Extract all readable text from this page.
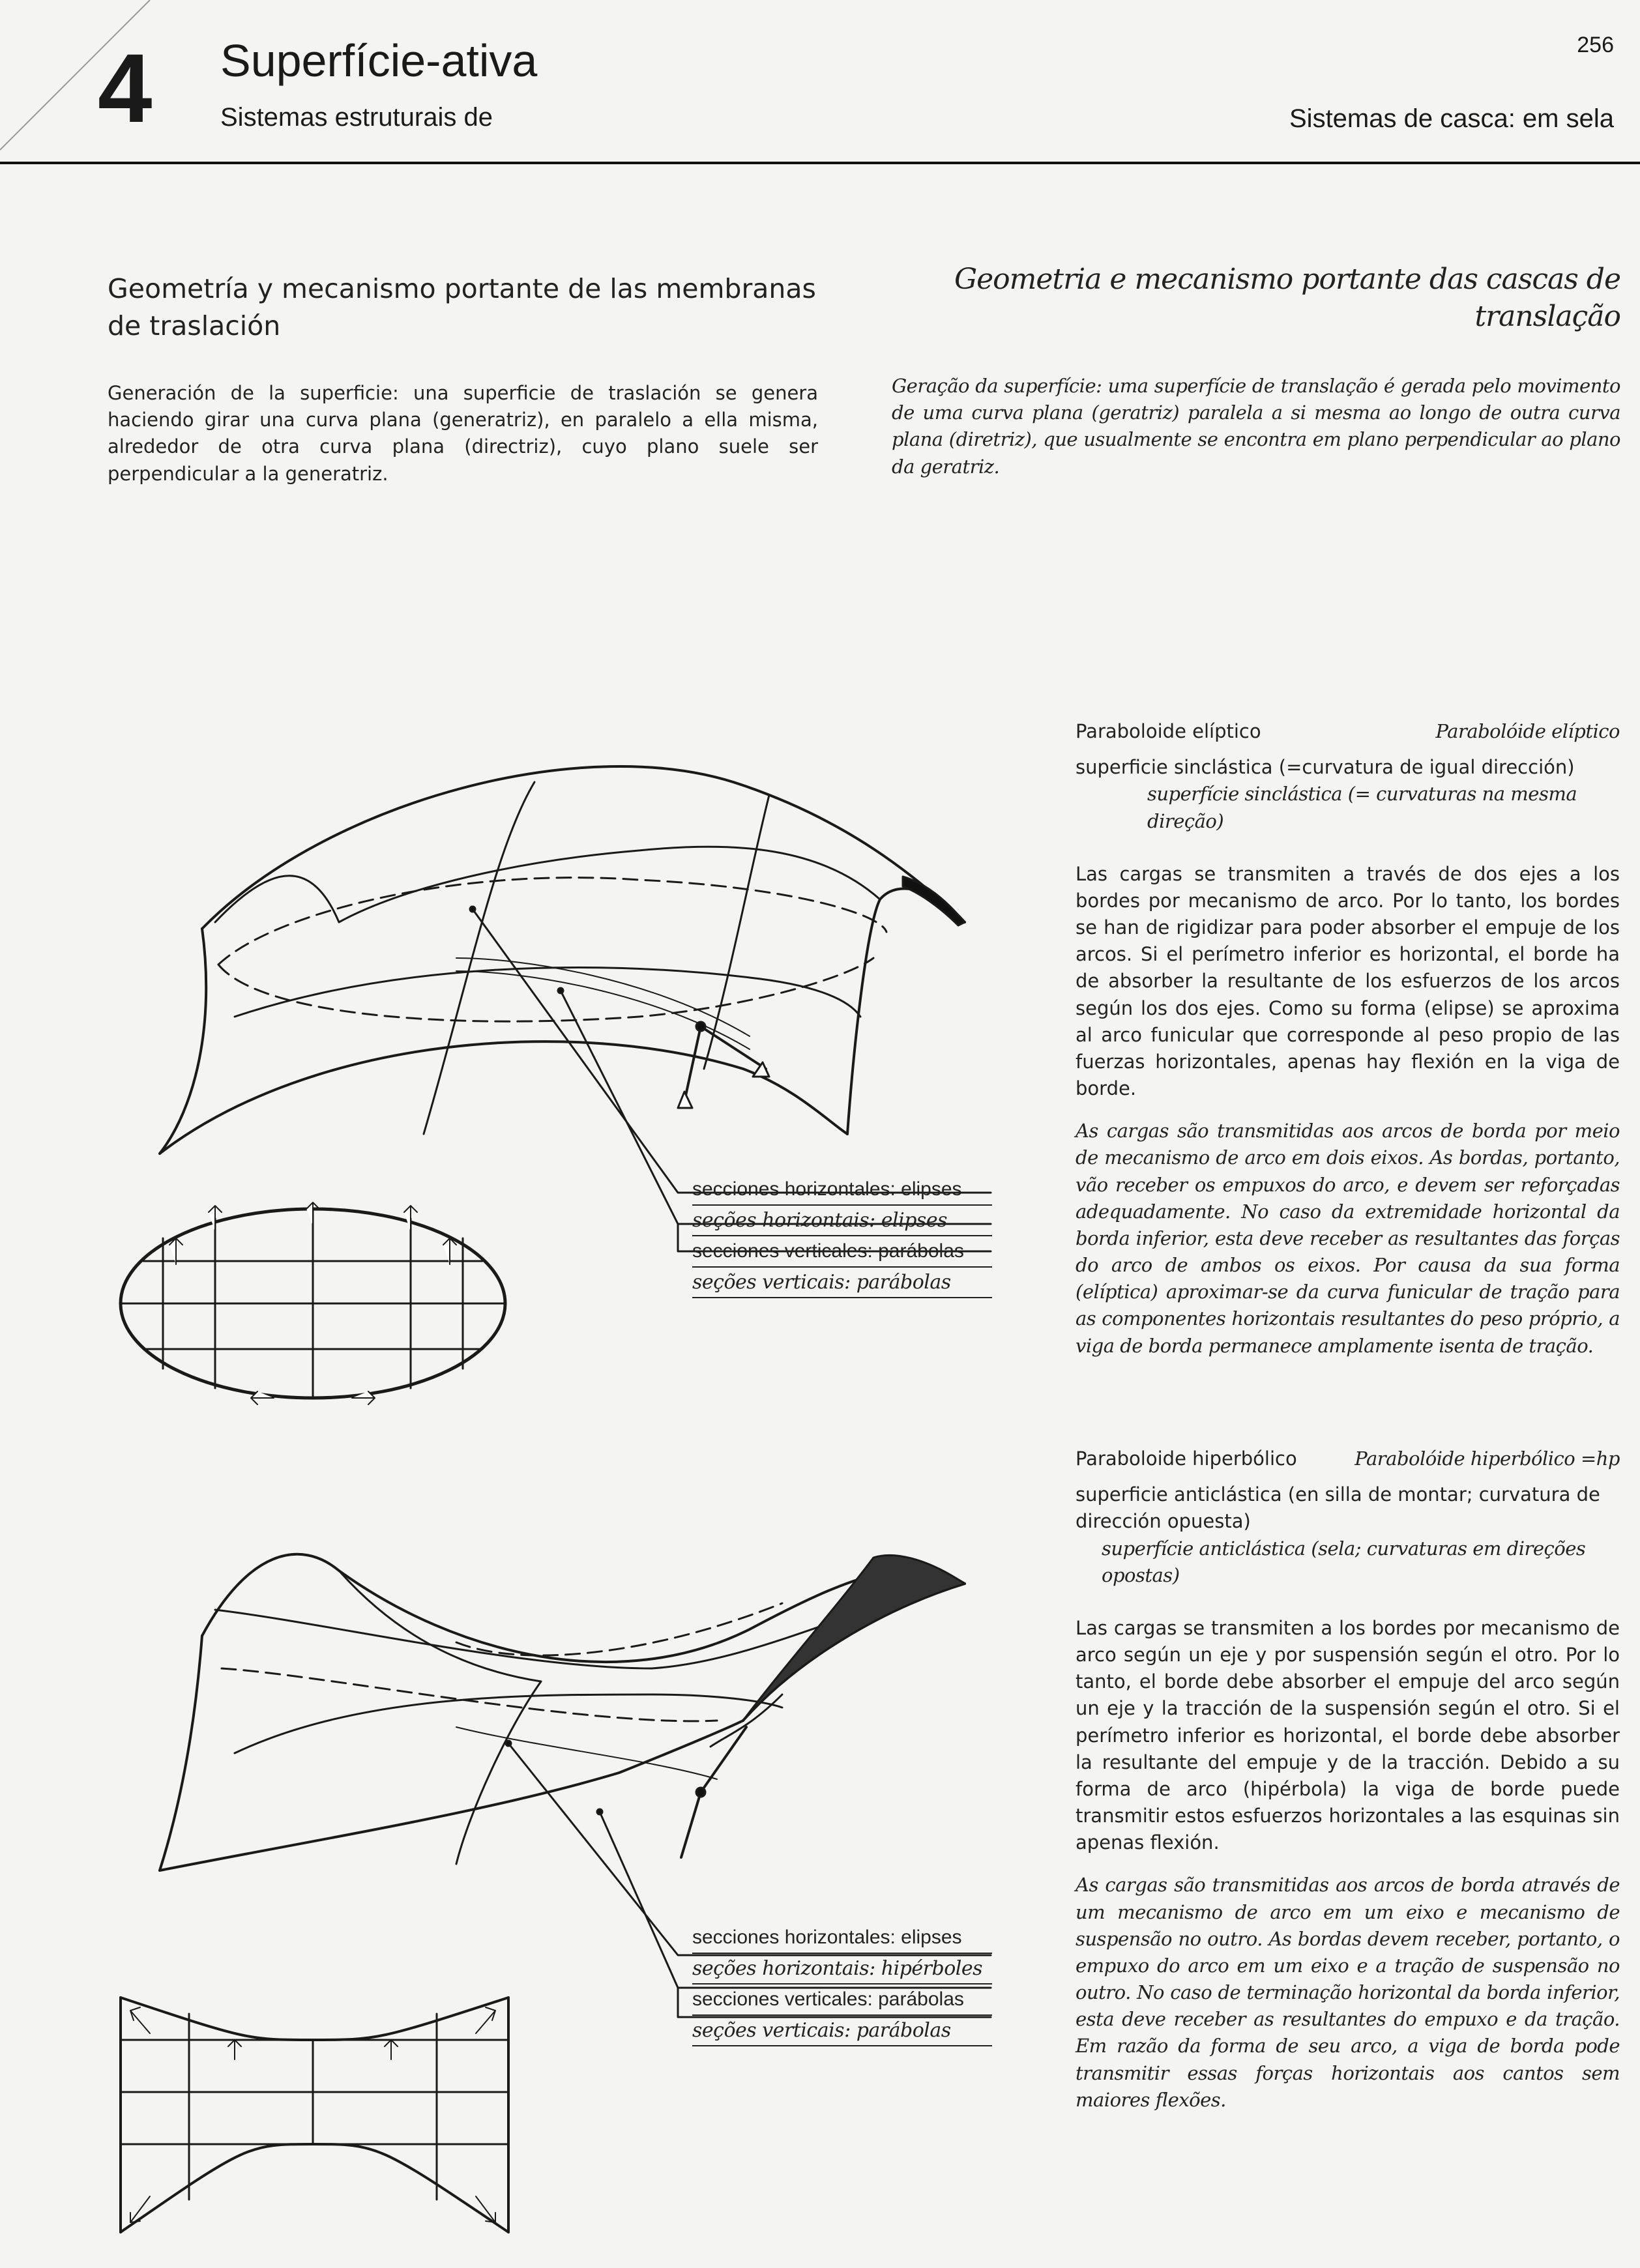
4 Superfície-ativa
Sistemas estruturais de
256
Sistemas de casca: em sela
Geometría y mecanismo portante de las membranas de traslación
Geometria e mecanismo portante das cascas de translação
Generación de la superficie: una superficie de traslación se genera haciendo girar una curva plana (generatriz), en paralelo a ella misma, alrededor de otra curva plana (directriz), cuyo plano suele ser perpendicular a la generatriz.
Geração da superfície: uma superfície de translação é gerada pelo movimento de uma curva plana (geratriz) paralela a si mesma ao longo de outra curva plana (diretriz), que usualmente se encontra em plano perpendicular ao plano da geratriz.
Paraboloide elíptico	Parabolóide elíptico
superficie sinclástica (=curvatura de igual dirección)
superfície sinclástica (= curvaturas na mesma direção)

Las cargas se transmiten a través de dos ejes a los bordes por mecanismo de arco. Por lo tanto, los bordes se han de rigidizar para poder absorber el empuje de los arcos. Si el perímetro inferior es horizontal, el borde ha de absorber la resultante de los esfuerzos de los arcos según los dos ejes. Como su forma (elipse) se aproxima al arco funicular que corresponde al peso propio de las fuerzas horizontales, apenas hay flexión en la viga de borde.

As cargas são transmitidas aos arcos de borda por meio de mecanismo de arco em dois eixos. As bordas, portanto, vão receber os empuxos do arco, e devem ser reforçadas adequadamente. No caso da extremidade horizontal da borda inferior, esta deve receber as resultantes das forças do arco de ambos os eixos. Por causa da sua forma (elíptica) aproximar-se da curva funicular de tração para as componentes horizontais resultantes do peso próprio, a viga de borda permanece amplamente isenta de tração.

Paraboloide hiperbólico	Parabolóide hiperbólico =hp
superficie anticlástica (en silla de montar; curvatura de dirección opuesta)
superfície anticlástica (sela; curvaturas em direções opostas)

Las cargas se transmiten a los bordes por mecanismo de arco según un eje y por suspensión según el otro. Por lo tanto, el borde debe absorber el empuje del arco según un eje y la tracción de la suspensión según el otro. Si el perímetro inferior es horizontal, el borde debe absorber la resultante del empuje y de la tracción. Debido a su forma de arco (hipérbola) la viga de borde puede transmitir estos esfuerzos horizontales a las esquinas sin apenas flexión.

As cargas são transmitidas aos arcos de borda através de um mecanismo de arco em um eixo e mecanismo de suspensão no outro. As bordas devem receber, portanto, o empuxo do arco em um eixo e a tração de suspensão no outro. No caso de terminação horizontal da borda inferior, esta deve receber as resultantes do empuxo e da tração. Em razão da forma de seu arco, a viga de borda pode transmitir essas forças horizontais aos cantos sem maiores flexões.

secciones horizontales: elipses
seções horizontais: elipses
secciones verticales: parábolas
seções verticais: parábolas
secciones horizontales: elipses
seções horizontais: hipérboles
secciones verticales: parábolas
seções verticais: parábolas
